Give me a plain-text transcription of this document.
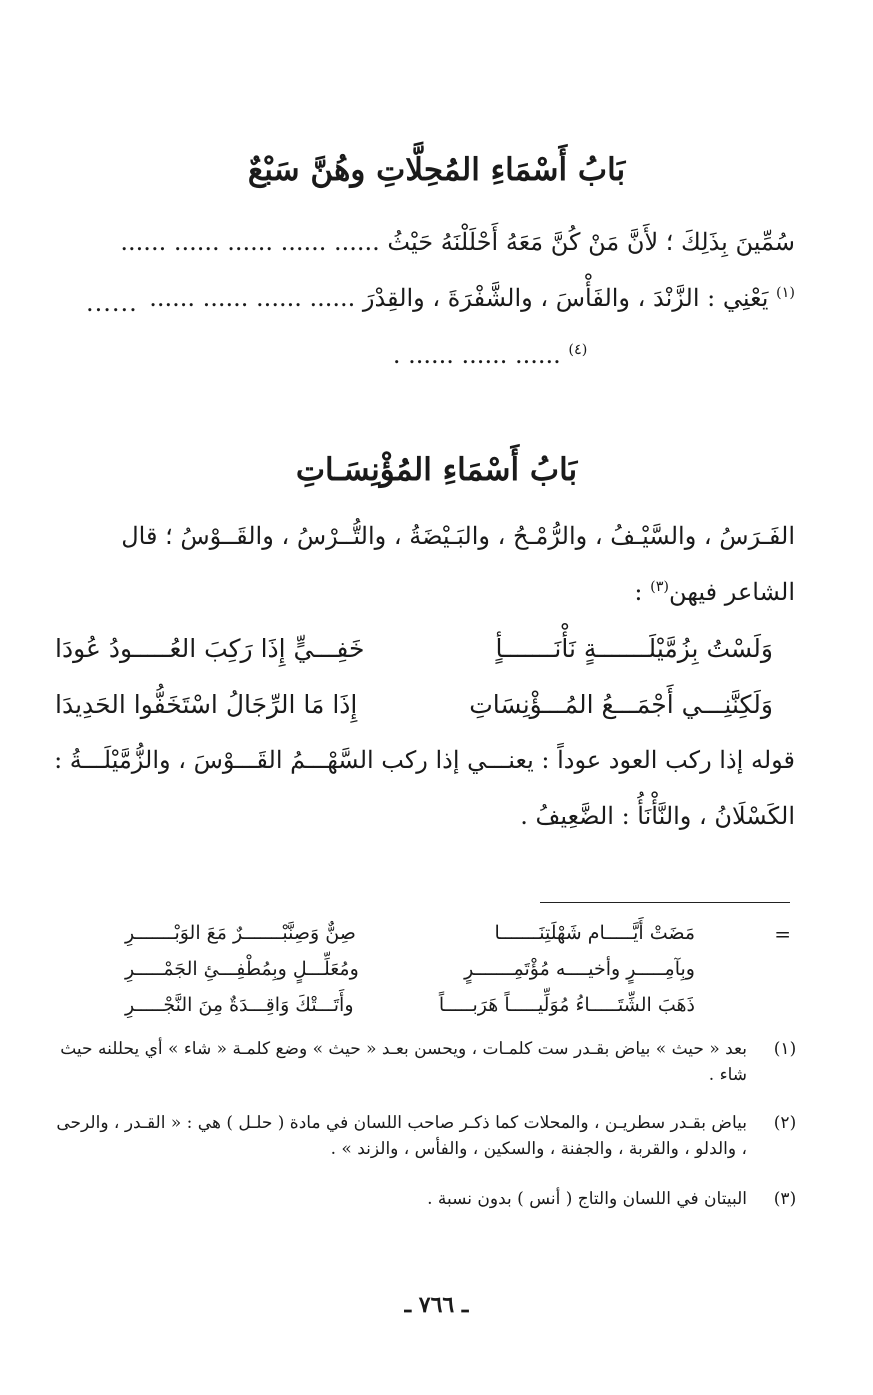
بَابُ أَسْمَاءِ المُحِلَّاتِ وهُنَّ سَبْعٌ
سُمِّينَ بِذَلِكَ ؛ لأَنَّ مَنْ كُنَّ مَعَهُ أَحْلَلْنَهُ حَيْثُ ...... ...... ...... ...... ......
$^{(١)}$ يَعْنِي : الزَّنْدَ ، والفَأْسَ ، والشَّفْرَةَ ، والقِدْرَ ...... ...... ...... ......
......
$^{(٤)}$ ...... ...... ...... .
بَابُ أَسْمَاءِ المُؤْنِسَـاتِ
الفَـرَسُ ، والسَّيْـفُ ، والرُّمْـحُ ، والبَـيْضَةُ ، والتُّــرْسُ ، والقَــوْسُ ؛ قال
الشاعر فيهن$^{(٣)}$ :
وَلَسْتُ بِزُمَّيْلَـــــــةٍ نَأْنَـــــــأٍ
خَفِـــيٍّ إِذَا رَكِبَ العُـــــودُ عُودَا
وَلَكِنَّنِـــي أَجْمَـــعُ المُـــؤْنِسَاتِ
إِذَا مَا الرِّجَالُ اسْتَخَفُّوا الحَدِيدَا
قوله إذا ركب العود عوداً : يعنـــي إذا ركب السَّهْـــمُ القَـــوْسَ ، والزُّمَّيْلَـــةُ :
الكَسْلَانُ ، والنَّأْنَأُ : الضَّعِيفُ .
=
مَضَتْ أَيَّـــــام شَهْلَتِنَـــــــا
صِنٌّ وَصِنَّبْـــــــرٌ مَعَ الوَبْـــــــرِ
وبِآمِـــــرٍ وأخيــــه مُؤْتَمِـــــــرٍ
ومُعَلِّـــلٍ وبِمُطْفِـــئِ الجَمْـــــرِ
ذَهَبَ الشِّتَـــــاءُ مُوَلِّيـــــاً هَرَبـــــاً
وأَتَـــتْكَ وَاقِـــدَةٌ مِنَ النَّجْـــــرِ
(١)
بعد « حيث » بياض بقـدر ست كلمـات ، ويحسن بعـد « حيث » وضع كلمـة « شاء » أي يحللنه حيث شاء .
(٢)
بياض بقـدر سطريـن ، والمحلات كما ذكـر صاحب اللسان في مادة ( حلـل ) هي : « القـدر ، والرحى ، والدلو ، والقربة ، والجفنة ، والسكين ، والفأس ، والزند » .
(٣)
البيتان في اللسان والتاج ( أنس ) بدون نسبة .
ـ ٧٦٦ ـ
